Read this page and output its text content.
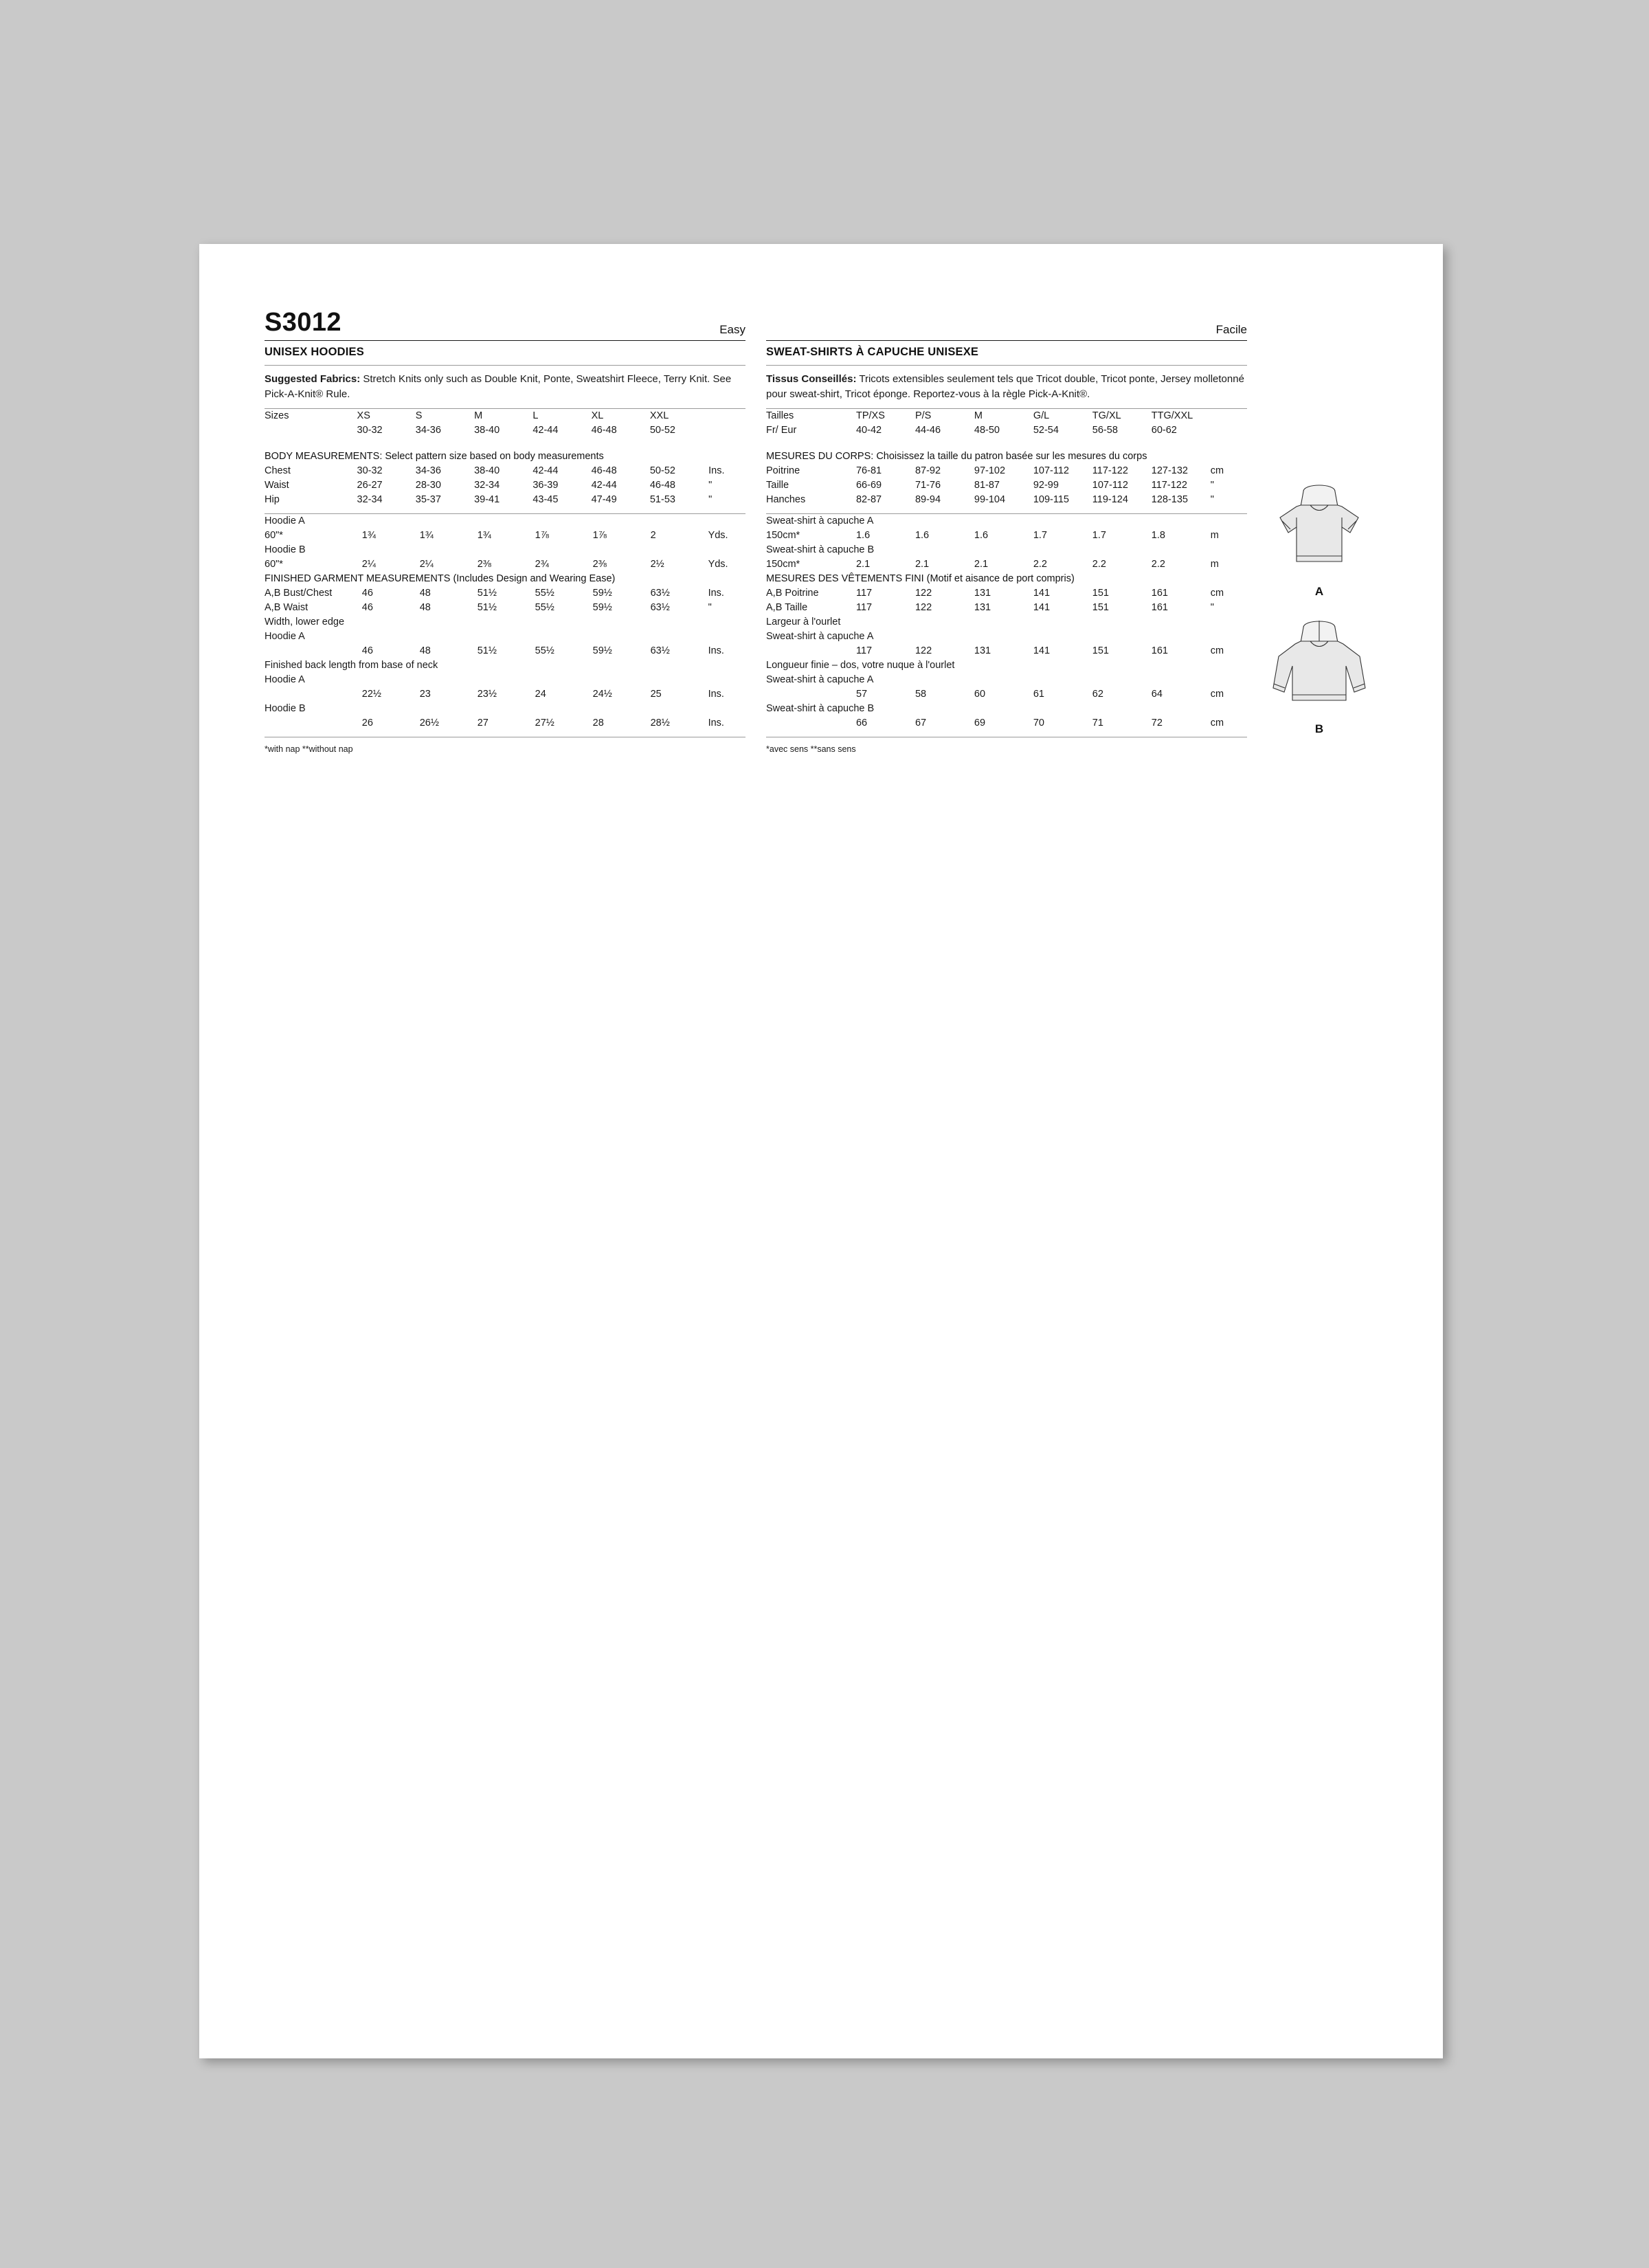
S3012	Easy
UNISEX HOODIES
Suggested Fabrics: Stretch Knits only such as Double Knit, Ponte, Sweatshirt Fleece, Terry Knit. See Pick-A-Knit® Rule.
Sizes	XS	S	M	L	XL	XXL	
	30-32	34-36	38-40	42-44	46-48	50-52	

BODY MEASUREMENTS: Select pattern size based on body measurements							
Chest	30-32	34-36	38-40	42-44	46-48	50-52	Ins.
Waist	26-27	28-30	32-34	36-39	42-44	46-48	"
Hip	32-34	35-37	39-41	43-45	47-49	51-53	"
Hoodie A							
60"*	1¾	1¾	1¾	1⅞	1⅞	2	Yds.
Hoodie B							
60"*	2¼	2¼	2⅜	2¾	2⅜	2½	Yds.
FINISHED GARMENT MEASUREMENTS (Includes Design and Wearing Ease)							
A,B Bust/Chest	46	48	51½	55½	59½	63½	Ins.
A,B Waist	46	48	51½	55½	59½	63½	"
Width, lower edge							
Hoodie A							
	46	48	51½	55½	59½	63½	Ins.
Finished back length from base of neck							
Hoodie A							
	22½	23	23½	24	24½	25	Ins.
Hoodie B							
	26	26½	27	27½	28	28½	Ins.
*with nap **without nap
Facile
SWEAT-SHIRTS À CAPUCHE UNISEXE
Tissus Conseillés: Tricots extensibles seulement tels que Tricot double, Tricot ponte, Jersey molletonné pour sweat-shirt, Tricot éponge. Reportez-vous à la règle Pick-A-Knit®.
Tailles	TP/XS	P/S	M	G/L	TG/XL	TTG/XXL	
Fr/ Eur	40-42	44-46	48-50	52-54	56-58	60-62	

MESURES DU CORPS: Choisissez la taille du patron basée sur les mesures du corps							
Poitrine	76-81	87-92	97-102	107-112	117-122	127-132	cm
Taille	66-69	71-76	81-87	92-99	107-112	117-122	"
Hanches	82-87	89-94	99-104	109-115	119-124	128-135	"
Sweat-shirt à capuche A							
150cm*	1.6	1.6	1.6	1.7	1.7	1.8	m
Sweat-shirt à capuche B							
150cm*	2.1	2.1	2.1	2.2	2.2	2.2	m
MESURES DES VÊTEMENTS FINI (Motif et aisance de port compris)							
A,B Poitrine	117	122	131	141	151	161	cm
A,B Taille	117	122	131	141	151	161	"
Largeur à l'ourlet							
Sweat-shirt à capuche A							
	117	122	131	141	151	161	cm
Longueur finie – dos, votre nuque à l'ourlet							
Sweat-shirt à capuche A							
	57	58	60	61	62	64	cm
Sweat-shirt à capuche B							
	66	67	69	70	71	72	cm
*avec sens **sans sens
A
B
